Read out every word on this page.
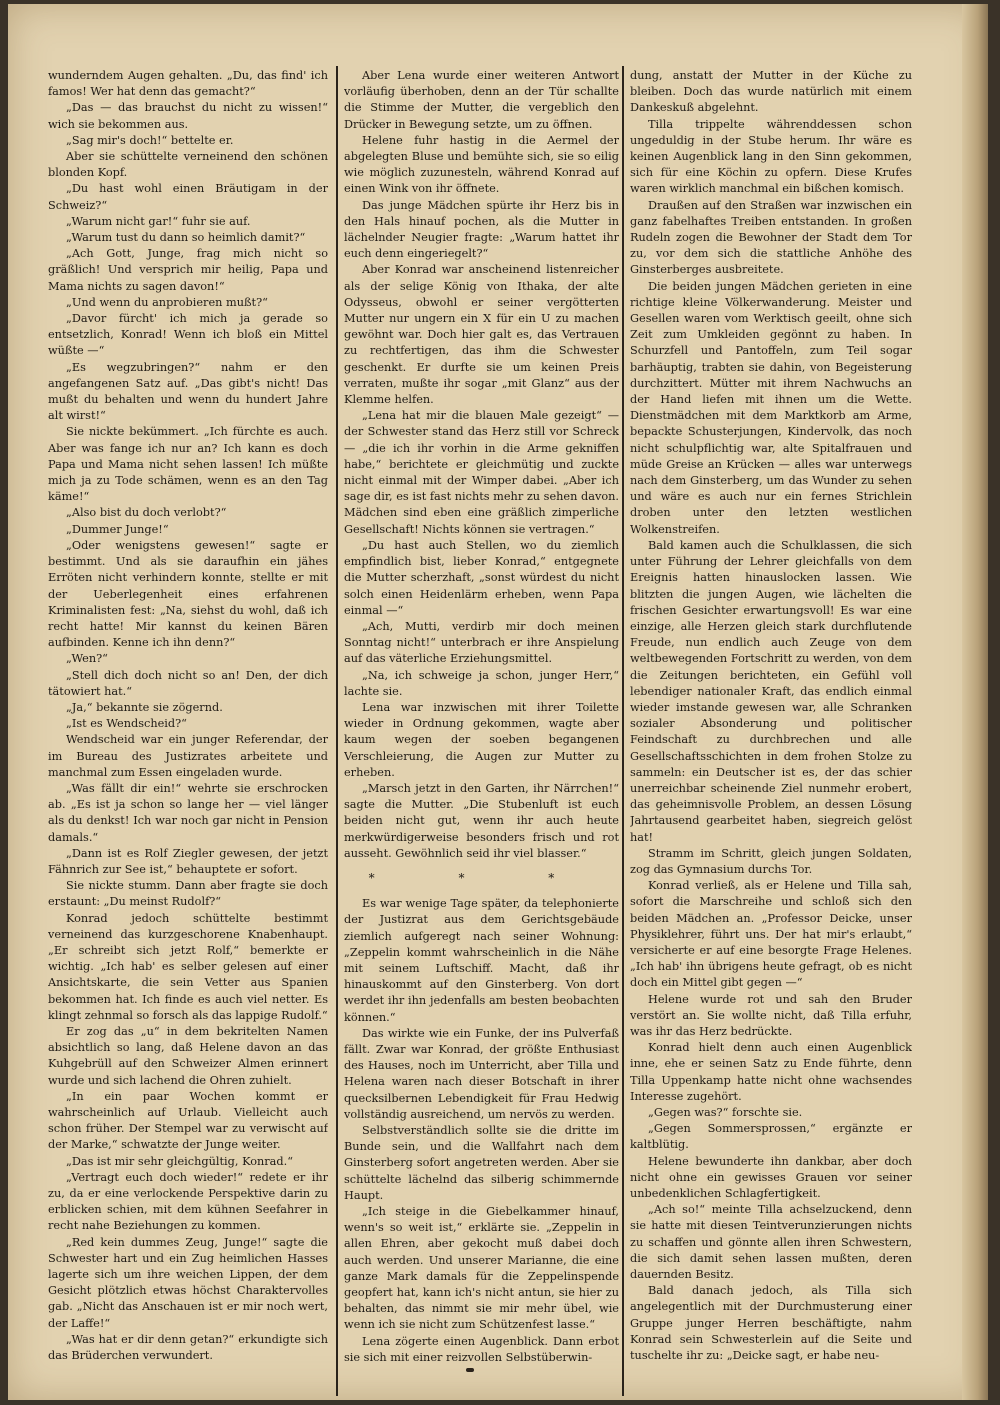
wunderndem Augen gehalten. „Du, das find' ich famos! Wer hat denn das gemacht?“

„Das — das brauchst du nicht zu wissen!“ wich sie bekommen aus.

„Sag mir's doch!“ bettelte er.

Aber sie schüttelte verneinend den schönen blonden Kopf.

„Du hast wohl einen Bräutigam in der Schweiz?“

„Warum nicht gar!“ fuhr sie auf.

„Warum tust du dann so heimlich damit?“

„Ach Gott, Junge, frag mich nicht so gräßlich! Und versprich mir heilig, Papa und Mama nichts zu sagen davon!“

„Und wenn du anprobieren mußt?“

„Davor fürcht' ich mich ja gerade so entsetzlich, Konrad! Wenn ich bloß ein Mittel wüßte —“

„Es wegzubringen?“ nahm er den angefangenen Satz auf. „Das gibt's nicht! Das mußt du behalten und wenn du hundert Jahre alt wirst!“

Sie nickte bekümmert. „Ich fürchte es auch. Aber was fange ich nur an? Ich kann es doch Papa und Mama nicht sehen lassen! Ich müßte mich ja zu Tode schämen, wenn es an den Tag käme!“

„Also bist du doch verlobt?“

„Dummer Junge!“

„Oder wenigstens gewesen!“ sagte er bestimmt. Und als sie daraufhin ein jähes Erröten nicht verhindern konnte, stellte er mit der Ueberlegenheit eines erfahrenen Kriminalisten fest: „Na, siehst du wohl, daß ich recht hatte! Mir kannst du keinen Bären aufbinden. Kenne ich ihn denn?“

„Wen?“

„Stell dich doch nicht so an! Den, der dich tätowiert hat.“

„Ja,“ bekannte sie zögernd.

„Ist es Wendscheid?“

Wendscheid war ein junger Referendar, der im Bureau des Justizrates arbeitete und manchmal zum Essen eingeladen wurde.

„Was fällt dir ein!“ wehrte sie erschrocken ab. „Es ist ja schon so lange her — viel länger als du denkst! Ich war noch gar nicht in Pension damals.“

„Dann ist es Rolf Ziegler gewesen, der jetzt Fähnrich zur See ist,“ behauptete er sofort.

Sie nickte stumm. Dann aber fragte sie doch erstaunt: „Du meinst Rudolf?“

Konrad jedoch schüttelte bestimmt verneinend das kurzgeschorene Knabenhaupt. „Er schreibt sich jetzt Rolf,“ bemerkte er wichtig. „Ich hab' es selber gelesen auf einer Ansichtskarte, die sein Vetter aus Spanien bekommen hat. Ich finde es auch viel netter. Es klingt zehnmal so forsch als das lappige Rudolf.“

Er zog das „u“ in dem bekritelten Namen absichtlich so lang, daß Helene davon an das Kuhgebrüll auf den Schweizer Almen erinnert wurde und sich lachend die Ohren zuhielt.

„In ein paar Wochen kommt er wahrscheinlich auf Urlaub. Vielleicht auch schon früher. Der Stempel war zu verwischt auf der Marke,“ schwatzte der Junge weiter.

„Das ist mir sehr gleichgültig, Konrad.“

„Vertragt euch doch wieder!“ redete er ihr zu, da er eine verlockende Perspektive darin zu erblicken schien, mit dem kühnen Seefahrer in recht nahe Beziehungen zu kommen.

„Red kein dummes Zeug, Junge!“ sagte die Schwester hart und ein Zug heimlichen Hasses lagerte sich um ihre weichen Lippen, der dem Gesicht plötzlich etwas höchst Charaktervolles gab. „Nicht das Anschauen ist er mir noch wert, der Laffe!“

„Was hat er dir denn getan?“ erkundigte sich das Brüderchen verwundert.

Aber Lena wurde einer weiteren Antwort vorläufig überhoben, denn an der Tür schallte die Stimme der Mutter, die vergeblich den Drücker in Bewegung setzte, um zu öffnen.

Helene fuhr hastig in die Aermel der abgelegten Bluse und bemühte sich, sie so eilig wie möglich zuzunesteln, während Konrad auf einen Wink von ihr öffnete.

Das junge Mädchen spürte ihr Herz bis in den Hals hinauf pochen, als die Mutter in lächelnder Neugier fragte: „Warum hattet ihr euch denn eingeriegelt?“

Aber Konrad war anscheinend listenreicher als der selige König von Ithaka, der alte Odysseus, obwohl er seiner vergötterten Mutter nur ungern ein X für ein U zu machen gewöhnt war. Doch hier galt es, das Vertrauen zu rechtfertigen, das ihm die Schwester geschenkt. Er durfte sie um keinen Preis verraten, mußte ihr sogar „mit Glanz“ aus der Klemme helfen.

„Lena hat mir die blauen Male gezeigt“ — der Schwester stand das Herz still vor Schreck — „die ich ihr vorhin in die Arme gekniffen habe,“ berichtete er gleichmütig und zuckte nicht einmal mit der Wimper dabei. „Aber ich sage dir, es ist fast nichts mehr zu sehen davon. Mädchen sind eben eine gräßlich zimperliche Gesellschaft! Nichts können sie vertragen.“

„Du hast auch Stellen, wo du ziemlich empfindlich bist, lieber Konrad,“ entgegnete die Mutter scherzhaft, „sonst würdest du nicht solch einen Heidenlärm erheben, wenn Papa einmal —“

„Ach, Mutti, verdirb mir doch meinen Sonntag nicht!“ unterbrach er ihre Anspielung auf das väterliche Erziehungsmittel.

„Na, ich schweige ja schon, junger Herr,“ lachte sie.

Lena war inzwischen mit ihrer Toilette wieder in Ordnung gekommen, wagte aber kaum wegen der soeben begangenen Verschleierung, die Augen zur Mutter zu erheben.

„Marsch jetzt in den Garten, ihr Närrchen!“ sagte die Mutter. „Die Stubenluft ist euch beiden nicht gut, wenn ihr auch heute merkwürdigerweise besonders frisch und rot ausseht. Gewöhnlich seid ihr viel blasser.“

* * *

Es war wenige Tage später, da telephonierte der Justizrat aus dem Gerichtsgebäude ziemlich aufgeregt nach seiner Wohnung: „Zeppelin kommt wahrscheinlich in die Nähe mit seinem Luftschiff. Macht, daß ihr hinauskommt auf den Ginsterberg. Von dort werdet ihr ihn jedenfalls am besten beobachten können.“

Das wirkte wie ein Funke, der ins Pulverfaß fällt. Zwar war Konrad, der größte Enthusiast des Hauses, noch im Unterricht, aber Tilla und Helena waren nach dieser Botschaft in ihrer quecksilbernen Lebendigkeit für Frau Hedwig vollständig ausreichend, um nervös zu werden.

Selbstverständlich sollte sie die dritte im Bunde sein, und die Wallfahrt nach dem Ginsterberg sofort angetreten werden. Aber sie schüttelte lächelnd das silberig schimmernde Haupt.

„Ich steige in die Giebelkammer hinauf, wenn's so weit ist,“ erklärte sie. „Zeppelin in allen Ehren, aber gekocht muß dabei doch auch werden. Und unserer Marianne, die eine ganze Mark damals für die Zeppelinspende geopfert hat, kann ich's nicht antun, sie hier zu behalten, das nimmt sie mir mehr übel, wie wenn ich sie nicht zum Schützenfest lasse.“

Lena zögerte einen Augenblick. Dann erbot sie sich mit einer reizvollen Selbstüberwin-

dung, anstatt der Mutter in der Küche zu bleiben. Doch das wurde natürlich mit einem Dankeskuß abgelehnt.

Tilla trippelte währenddessen schon ungeduldig in der Stube herum. Ihr wäre es keinen Augenblick lang in den Sinn gekommen, sich für eine Köchin zu opfern. Diese Krufes waren wirklich manchmal ein bißchen komisch.

Draußen auf den Straßen war inzwischen ein ganz fabelhaftes Treiben entstanden. In großen Rudeln zogen die Bewohner der Stadt dem Tor zu, vor dem sich die stattliche Anhöhe des Ginsterberges ausbreitete.

Die beiden jungen Mädchen gerieten in eine richtige kleine Völkerwanderung. Meister und Gesellen waren vom Werktisch geeilt, ohne sich Zeit zum Umkleiden gegönnt zu haben. In Schurzfell und Pantoffeln, zum Teil sogar barhäuptig, trabten sie dahin, von Begeisterung durchzittert. Mütter mit ihrem Nachwuchs an der Hand liefen mit ihnen um die Wette. Dienstmädchen mit dem Marktkorb am Arme, bepackte Schusterjungen, Kindervolk, das noch nicht schulpflichtig war, alte Spitalfrauen und müde Greise an Krücken — alles war unterwegs nach dem Ginsterberg, um das Wunder zu sehen und wäre es auch nur ein fernes Strichlein droben unter den letzten westlichen Wolkenstreifen.

Bald kamen auch die Schulklassen, die sich unter Führung der Lehrer gleichfalls von dem Ereignis hatten hinauslocken lassen. Wie blitzten die jungen Augen, wie lächelten die frischen Gesichter erwartungsvoll! Es war eine einzige, alle Herzen gleich stark durchflutende Freude, nun endlich auch Zeuge von dem weltbewegenden Fortschritt zu werden, von dem die Zeitungen berichteten, ein Gefühl voll lebendiger nationaler Kraft, das endlich einmal wieder imstande gewesen war, alle Schranken sozialer Absonderung und politischer Feindschaft zu durchbrechen und alle Gesellschaftsschichten in dem frohen Stolze zu sammeln: ein Deutscher ist es, der das schier unerreichbar scheinende Ziel nunmehr erobert, das geheimnisvolle Problem, an dessen Lösung Jahrtausend gearbeitet haben, siegreich gelöst hat!

Stramm im Schritt, gleich jungen Soldaten, zog das Gymnasium durchs Tor.

Konrad verließ, als er Helene und Tilla sah, sofort die Marschreihe und schloß sich den beiden Mädchen an. „Professor Deicke, unser Physiklehrer, führt uns. Der hat mir's erlaubt,“ versicherte er auf eine besorgte Frage Helenes. „Ich hab' ihn übrigens heute gefragt, ob es nicht doch ein Mittel gibt gegen —“

Helene wurde rot und sah den Bruder verstört an. Sie wollte nicht, daß Tilla erfuhr, was ihr das Herz bedrückte.

Konrad hielt denn auch einen Augenblick inne, ehe er seinen Satz zu Ende führte, denn Tilla Uppenkamp hatte nicht ohne wachsendes Interesse zugehört.

„Gegen was?“ forschte sie.

„Gegen Sommersprossen,“ ergänzte er kaltblütig.

Helene bewunderte ihn dankbar, aber doch nicht ohne ein gewisses Grauen vor seiner unbedenklichen Schlagfertigkeit.

„Ach so!“ meinte Tilla achselzuckend, denn sie hatte mit diesen Teintverunzierungen nichts zu schaffen und gönnte allen ihren Schwestern, die sich damit sehen lassen mußten, deren dauernden Besitz.

Bald danach jedoch, als Tilla sich angelegentlich mit der Durchmusterung einer Gruppe junger Herren beschäftigte, nahm Konrad sein Schwesterlein auf die Seite und tuschelte ihr zu: „Deicke sagt, er habe neu-
